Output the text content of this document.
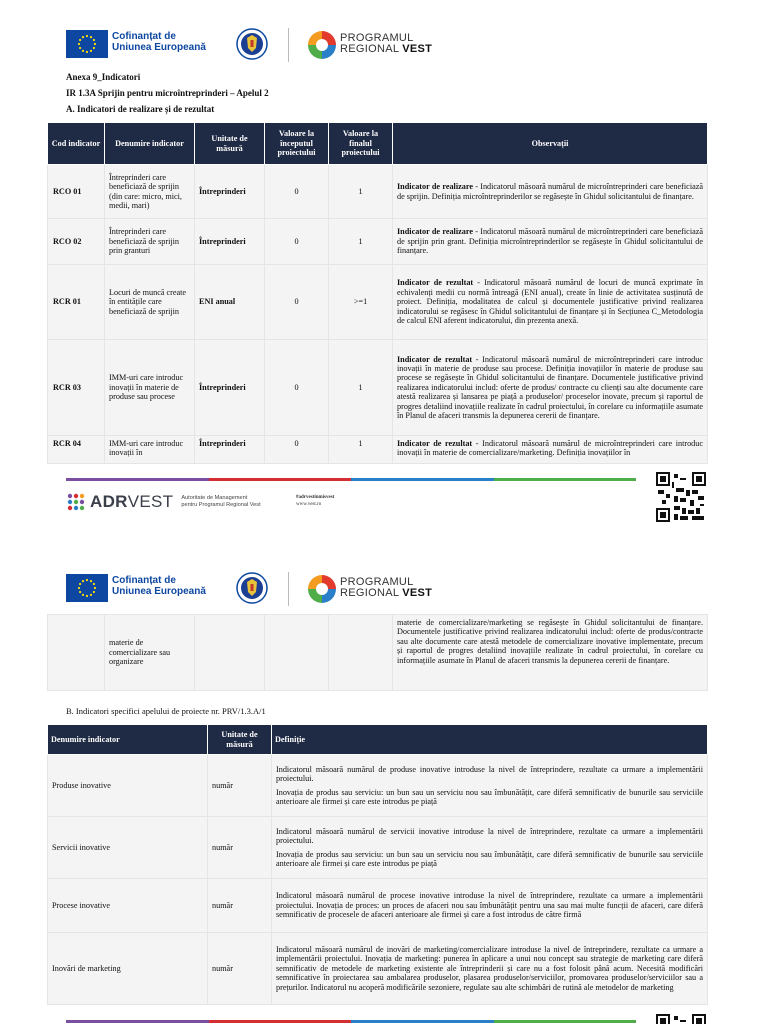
Cofinanțat de
Uniunea Europeană
PROGRAMUL
REGIONAL VEST
Anexa 9_Indicatori
IR 1.3A Sprijin pentru microîntreprinderi – Apelul 2
A. Indicatori de realizare și de rezultat
Cod indicator	Denumire indicator	Unitate de măsură	Valoare la începutul proiectului	Valoare la finalul proiectului	Observații
RCO 01	Întreprinderi care beneficiază de sprijin (din care: micro, mici, medii, mari)	Întreprinderi	0	1	Indicator de realizare - Indicatorul măsoară numărul de microîntreprinderi care beneficiază de sprijin. Definiția microîntreprinderilor se regăsește în Ghidul solicitantului de finanțare.
RCO 02	Întreprinderi care beneficiază de sprijin prin granturi	Întreprinderi	0	1	Indicator de realizare - Indicatorul măsoară numărul de microîntreprinderi care beneficiază de sprijin prin grant. Definiția microîntreprinderilor se regăsește în Ghidul solicitantului de finanțare.
RCR 01	Locuri de muncă create în entitățile care beneficiază de sprijin	ENI anual	0	>=1	Indicator de rezultat - Indicatorul măsoară numărul de locuri de muncă exprimate în echivalenți medii cu normă întreagă (ENI anual), create în linie de activitatea susținută de proiect. Definiția, modalitatea de calcul și documentele justificative privind realizarea indicatorului se regăsesc în Ghidul solicitantului de finanțare și în Secțiunea C_Metodologia de calcul ENI aferent indicatorului, din prezenta anexă.
RCR 03	IMM-uri care introduc inovații în materie de produse sau procese	Întreprinderi	0	1	Indicator de rezultat - Indicatorul măsoară numărul de microîntreprinderi care introduc inovații în materie de produse sau procese. Definiția inovațiilor în materie de produse sau procese se regăsește în Ghidul solicitantului de finanțare. Documentele justificative privind realizarea indicatorului includ: oferte de produs/ contracte cu clienți sau alte documente care atestă realizarea și lansarea pe piață a produselor/ proceselor inovate, precum și raportul de progres detaliind inovațiile realizate în cadrul proiectului, în corelare cu informațiile asumate în Planul de afaceri transmis la depunerea cererii de finanțare.
RCR 04	IMM-uri care introduc inovații în	Întreprinderi	0	1	Indicator de rezultat - Indicatorul măsoară numărul de microîntreprinderi care introduc inovații în materie de comercializare/marketing. Definiția inovațiilor în
ADRVEST Autoritate de Management
pentru Programul Regional Vest
#adrvestinmisvest
www.vest.ro
Cofinanțat de
Uniunea Europeană
PROGRAMUL
REGIONAL VEST
	materie de comercializare sau organizare				materie de comercializare/marketing se regăsește în Ghidul solicitantului de finanțare. Documentele justificative privind realizarea indicatorului includ: oferte de produs/contracte sau alte documente care atestă metodele de comercializare inovative implementate, precum și raportul de progres detaliind inovațiile realizate în cadrul proiectului, în corelare cu informațiile asumate în Planul de afaceri transmis la depunerea cererii de finanțare.
B. Indicatori specifici apelului de proiecte nr. PRV/1.3.A/1
Denumire indicator	Unitate de măsură	Definiție
Produse inovative	număr	Indicatorul măsoară numărul de produse inovative introduse la nivel de întreprindere, rezultate ca urmare a implementării proiectului.
Inovația de produs sau serviciu: un bun sau un serviciu nou sau îmbunătățit, care diferă semnificativ de bunurile sau serviciile anterioare ale firmei și care este introdus pe piață

Servicii inovative	număr	Indicatorul măsoară numărul de servicii inovative introduse la nivel de întreprindere, rezultate ca urmare a implementării proiectului.
Inovația de produs sau serviciu: un bun sau un serviciu nou sau îmbunătățit, care diferă semnificativ de bunurile sau serviciile anterioare ale firmei și care este introdus pe piață

Procese inovative	număr	Indicatorul măsoară numărul de procese inovative introduse la nivel de întreprindere, rezultate ca urmare a implementării proiectului. Inovația de proces: un proces de afaceri nou sau îmbunătățit pentru una sau mai multe funcții de afaceri, care diferă semnificativ de procesele de afaceri anterioare ale firmei și care a fost introdus de către firmă
Inovări de marketing	număr	Indicatorul măsoară numărul de inovări de marketing/comercializare introduse la nivel de întreprindere, rezultate ca urmare a implementării proiectului. Inovația de marketing: punerea în aplicare a unui nou concept sau strategie de marketing care diferă semnificativ de metodele de marketing existente ale întreprinderii și care nu a fost folosit până acum. Necesită modificări semnificative în proiectarea sau ambalarea produselor, plasarea produselor/serviciilor, promovarea produselor/serviciilor sau a prețurilor. Indicatorul nu acoperă modificările sezoniere, regulate sau alte schimbări de rutină ale metodelor de marketing
